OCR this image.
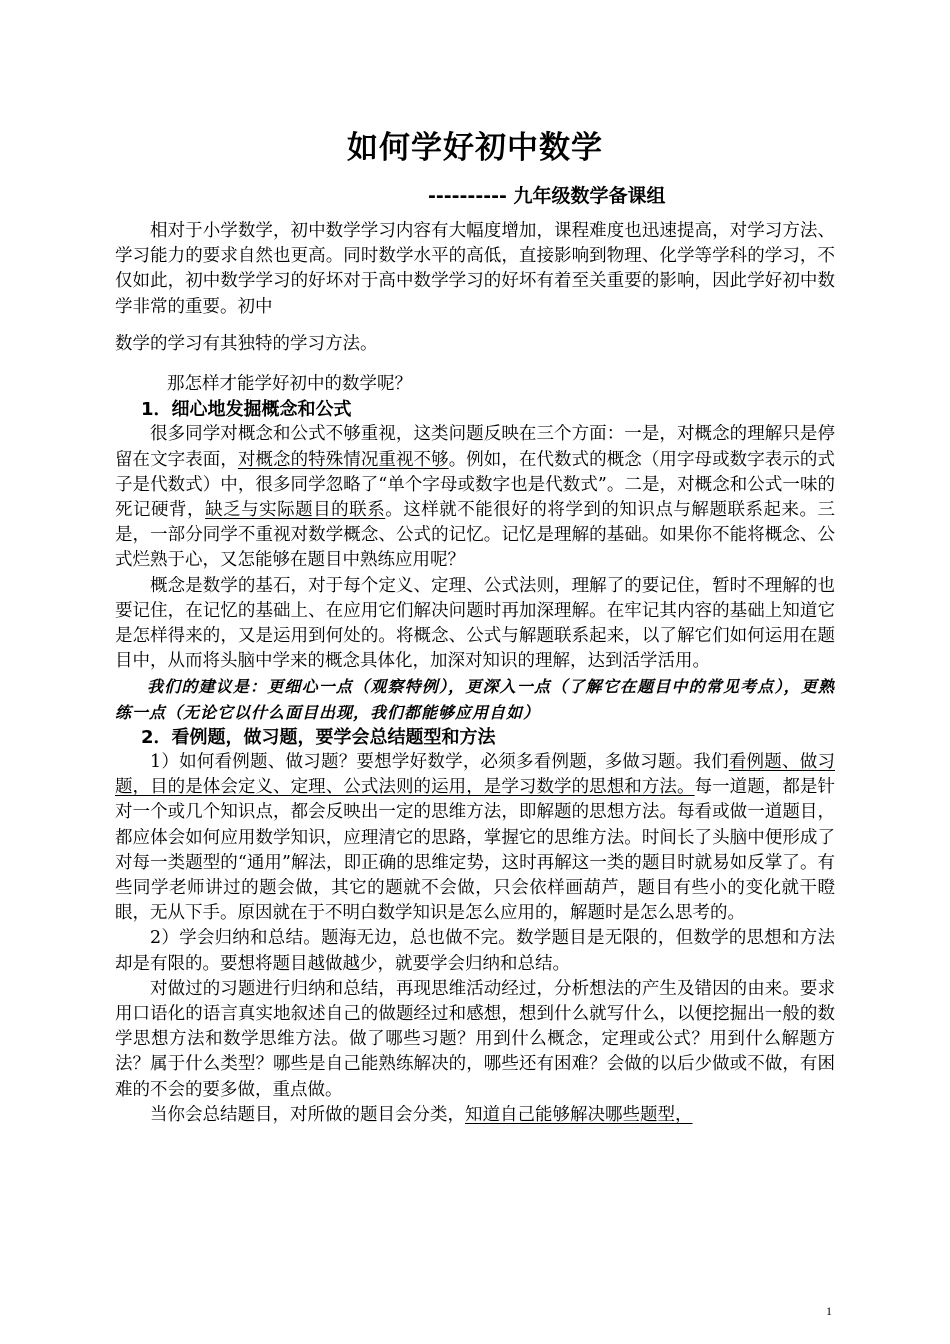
如何学好初中数学
---------- 九年级数学备课组

相对于小学数学，初中数学学习内容有大幅度增加，课程难度也迅速提高，对学习方法、学习能力的要求自然也更高。同时数学水平的高低，直接影响到物理、化学等学科的学习，不仅如此，初中数学学习的好坏对于高中数学学习的好坏有着至关重要的影响，因此学好初中数学非常的重要。初中

数学的学习有其独特的学习方法。

那怎样才能学好初中的数学呢？

1．细心地发掘概念和公式

很多同学对概念和公式不够重视，这类问题反映在三个方面：一是，对概念的理解只是停留在文字表面，对概念的特殊情况重视不够。例如，在代数式的概念（用字母或数字表示的式子是代数式）中，很多同学忽略了“单个字母或数字也是代数式”。二是，对概念和公式一味的死记硬背，缺乏与实际题目的联系。这样就不能很好的将学到的知识点与解题联系起来。三是，一部分同学不重视对数学概念、公式的记忆。记忆是理解的基础。如果你不能将概念、公式烂熟于心，又怎能够在题目中熟练应用呢？

概念是数学的基石，对于每个定义、定理、公式法则，理解了的要记住，暂时不理解的也要记住，在记忆的基础上、在应用它们解决问题时再加深理解。在牢记其内容的基础上知道它是怎样得来的，又是运用到何处的。将概念、公式与解题联系起来，以了解它们如何运用在题目中，从而将头脑中学来的概念具体化，加深对知识的理解，达到活学活用。

我们的建议是：更细心一点（观察特例），更深入一点（了解它在题目中的常见考点），更熟练一点（无论它以什么面目出现，我们都能够应用自如）

2．看例题，做习题，要学会总结题型和方法

1）如何看例题、做习题？要想学好数学，必须多看例题，多做习题。我们看例题、做习题，目的是体会定义、定理、公式法则的运用，是学习数学的思想和方法。每一道题，都是针对一个或几个知识点，都会反映出一定的思维方法，即解题的思想方法。每看或做一道题目，都应体会如何应用数学知识，应理清它的思路，掌握它的思维方法。时间长了头脑中便形成了对每一类题型的“通用”解法，即正确的思维定势，这时再解这一类的题目时就易如反掌了。有些同学老师讲过的题会做，其它的题就不会做，只会依样画葫芦，题目有些小的变化就干瞪眼，无从下手。原因就在于不明白数学知识是怎么应用的，解题时是怎么思考的。

2）学会归纳和总结。题海无边，总也做不完。数学题目是无限的，但数学的思想和方法却是有限的。要想将题目越做越少，就要学会归纳和总结。

对做过的习题进行归纳和总结，再现思维活动经过，分析想法的产生及错因的由来。要求用口语化的语言真实地叙述自己的做题经过和感想，想到什么就写什么，以便挖掘出一般的数学思想方法和数学思维方法。做了哪些习题？用到什么概念，定理或公式？用到什么解题方法？属于什么类型？哪些是自己能熟练解决的，哪些还有困难？会做的以后少做或不做，有困难的不会的要多做，重点做。

当你会总结题目，对所做的题目会分类，知道自己能够解决哪些题型，

1
